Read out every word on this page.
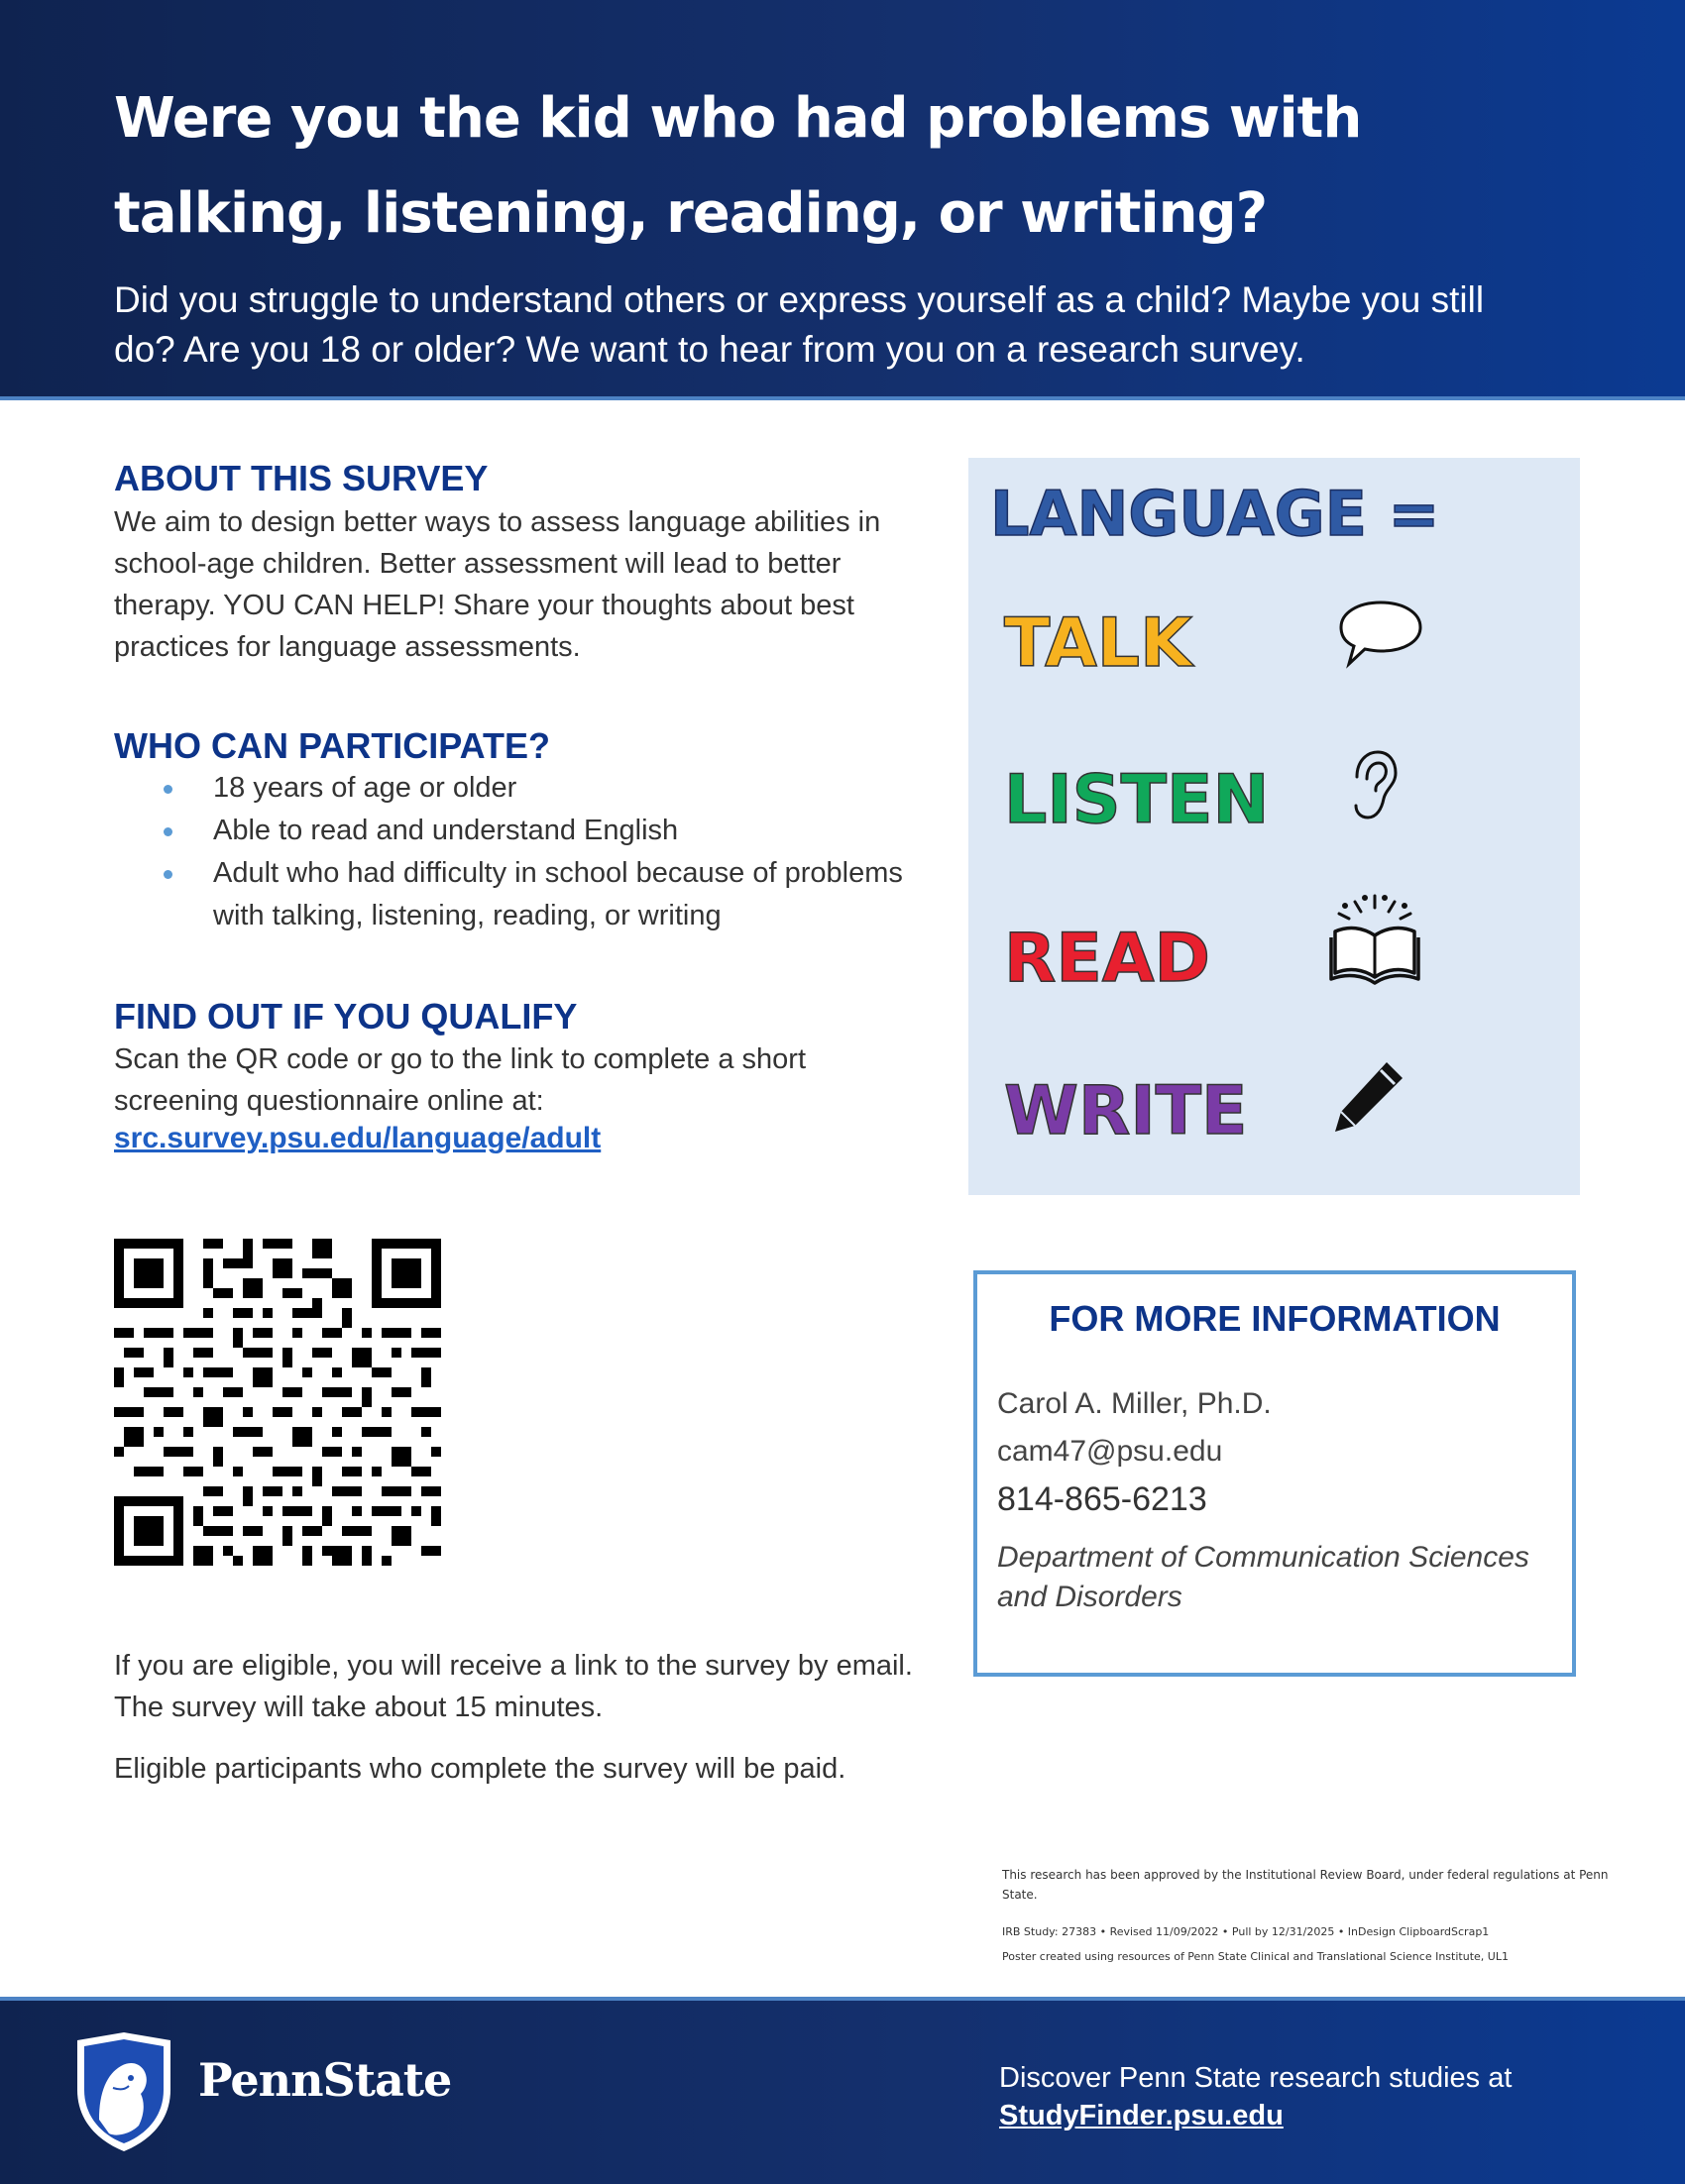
Were you the kid who had problems with talking, listening, reading, or writing?

Did you struggle to understand others or express yourself as a child? Maybe you still do? Are you 18 or older? We want to hear from you on a research survey.

ABOUT THIS SURVEY

We aim to design better ways to assess language abilities in school-age children. Better assessment will lead to better therapy. YOU CAN HELP! Share your thoughts about best practices for language assessments.

WHO CAN PARTICIPATE?
18 years of age or older
Able to read and understand English
Adult who had difficulty in school because of problems with talking, listening, reading, or writing
FIND OUT IF YOU QUALIFY

Scan the QR code or go to the link to complete a short screening questionnaire online at:

src.survey.psu.edu/language/adult

If you are eligible, you will receive a link to the survey by email. The survey will take about 15 minutes.

Eligible participants who complete the survey will be paid.

LANGUAGE =

TALK

LISTEN

READ

WRITE

FOR MORE INFORMATION

Carol A. Miller, Ph.D.

cam47@psu.edu

814-865-6213

Department of Communication Sciences and Disorders

This research has been approved by the Institutional Review Board, under federal regulations at Penn State.

IRB Study: 27383 • Revised 11/09/2022 • Pull by 12/31/2025 • InDesign ClipboardScrap1

Poster created using resources of Penn State Clinical and Translational Science Institute, UL1

PennState	Discover Penn State research studies at

StudyFinder.psu.edu
